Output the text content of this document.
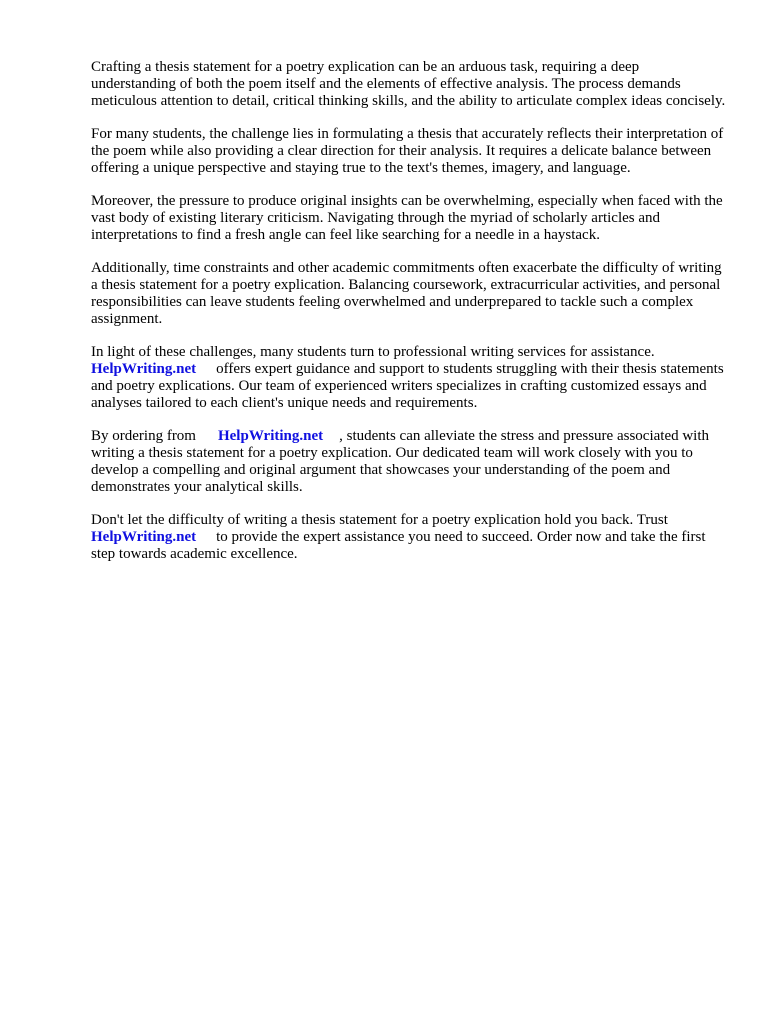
Crafting a thesis statement for a poetry explication can be an arduous task, requiring a deep understanding of both the poem itself and the elements of effective analysis. The process demands meticulous attention to detail, critical thinking skills, and the ability to articulate complex ideas concisely.

For many students, the challenge lies in formulating a thesis that accurately reflects their interpretation of the poem while also providing a clear direction for their analysis. It requires a delicate balance between offering a unique perspective and staying true to the text's themes, imagery, and language.

Moreover, the pressure to produce original insights can be overwhelming, especially when faced with the vast body of existing literary criticism. Navigating through the myriad of scholarly articles and interpretations to find a fresh angle can feel like searching for a needle in a haystack.

Additionally, time constraints and other academic commitments often exacerbate the difficulty of writing a thesis statement for a poetry explication. Balancing coursework, extracurricular activities, and personal responsibilities can leave students feeling overwhelmed and underprepared to tackle such a complex assignment.

In light of these challenges, many students turn to professional writing services for assistance. HelpWriting.net offers expert guidance and support to students struggling with their thesis statements and poetry explications. Our team of experienced writers specializes in crafting customized essays and analyses tailored to each client's unique needs and requirements.

By ordering from HelpWriting.net , students can alleviate the stress and pressure associated with writing a thesis statement for a poetry explication. Our dedicated team will work closely with you to develop a compelling and original argument that showcases your understanding of the poem and demonstrates your analytical skills.

Don't let the difficulty of writing a thesis statement for a poetry explication hold you back. Trust HelpWriting.net to provide the expert assistance you need to succeed. Order now and take the first step towards academic excellence.
